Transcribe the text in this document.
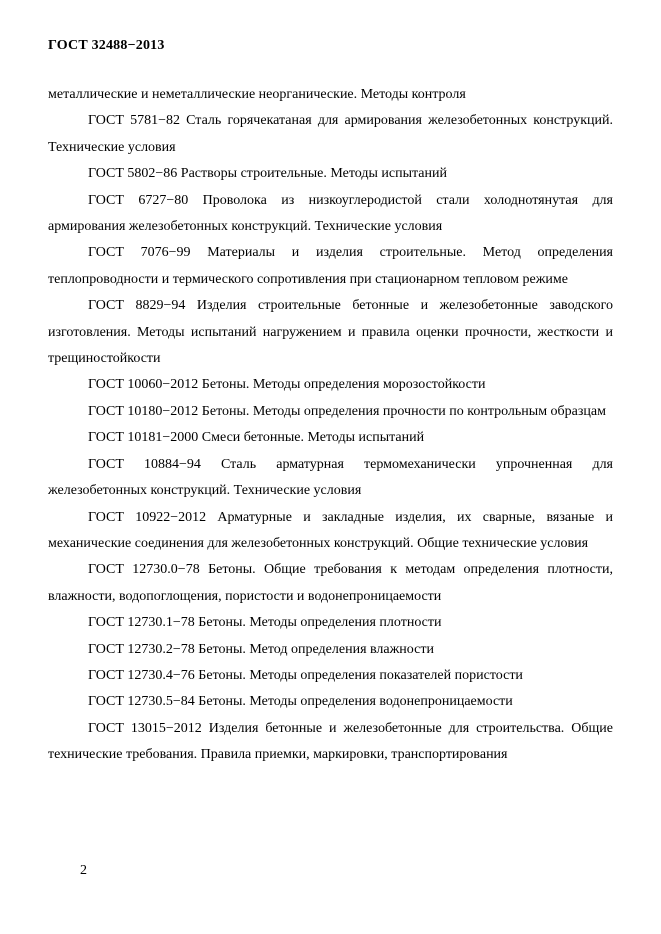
ГОСТ 32488−2013

металлические и неметаллические неорганические. Методы контроля

ГОСТ 5781−82 Сталь горячекатаная для армирования железобетонных конструкций. Технические условия

ГОСТ 5802−86 Растворы строительные. Методы испытаний

ГОСТ 6727−80 Проволока из низкоуглеродистой стали холоднотянутая для армирования железобетонных конструкций. Технические условия

ГОСТ 7076−99 Материалы и изделия строительные. Метод определения теплопроводности и термического сопротивления при стационарном тепловом режиме

ГОСТ 8829−94 Изделия строительные бетонные и железобетонные заводского изготовления. Методы испытаний нагружением и правила оценки прочности, жесткости и трещиностойкости

ГОСТ 10060−2012 Бетоны. Методы определения морозостойкости

ГОСТ 10180−2012 Бетоны. Методы определения прочности по контрольным образцам

ГОСТ 10181−2000 Смеси бетонные. Методы испытаний

ГОСТ 10884−94 Сталь арматурная термомеханически упрочненная для железобетонных конструкций. Технические условия

ГОСТ 10922−2012 Арматурные и закладные изделия, их сварные, вязаные и механические соединения для железобетонных конструкций. Общие технические условия

ГОСТ 12730.0−78 Бетоны. Общие требования к методам определения плотности, влажности, водопоглощения, пористости и водонепроницаемости

ГОСТ 12730.1−78 Бетоны. Методы определения плотности

ГОСТ 12730.2−78 Бетоны. Метод определения влажности

ГОСТ 12730.4−76 Бетоны. Методы определения показателей пористости

ГОСТ 12730.5−84 Бетоны. Методы определения водонепроницаемости

ГОСТ 13015−2012 Изделия бетонные и железобетонные для строительства. Общие технические требования. Правила приемки, маркировки, транспортирования

2
